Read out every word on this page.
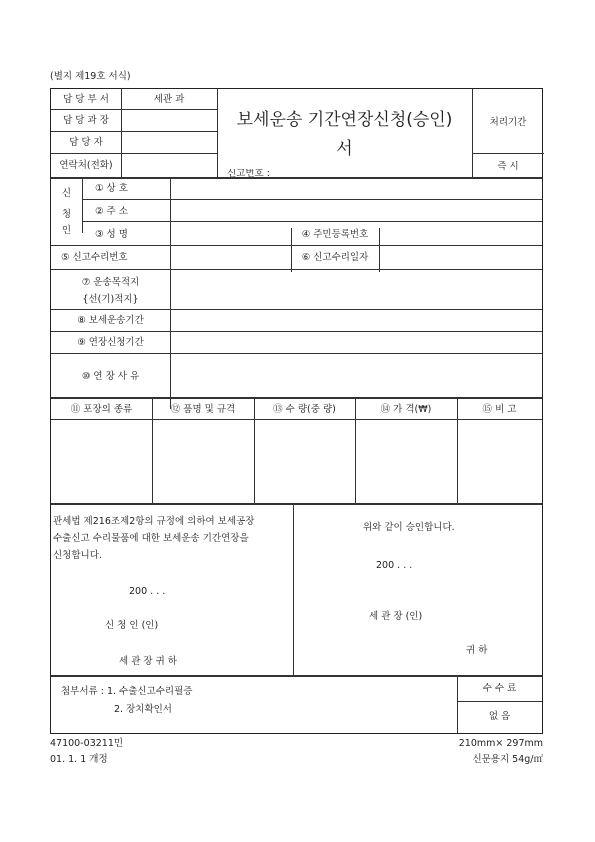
(별지 제19호 서식)
담 당 부 서	세관 과
담 당 과 장
담 당 자
연락처(전화)
보세운송 기간연장신청(승인)
서
신고번호 :
처리기간
즉 시
신
청
인
① 상 호
② 주 소
③ 성 명	④ 주민등록번호
⑤ 신고수리번호	⑥ 신고수리일자
⑦ 운송목적지
{선(기)적지}
⑧ 보세운송기간
⑨ 연장신청기간
⑩ 연 장 사 유
⑪ 포장의 종류	⑫ 품명 및 규격	⑬ 수 량(중 량)	⑭ 가 격(₩)	⑮ 비 고
관세법 제216조제2항의 규정에 의하여 보세공장
수출신고 수리물품에 대한 보세운송 기간연장을
신청합니다.
200 . . .
신 청 인 (인)
세 관 장 귀 하
위와 같이 승인합니다.
200 . . .
세 관 장 (인)
귀 하
첨부서류 : 1. 수출신고수리필증
2. 장치확인서
수 수 료
없 음
47100-03211민
01. 1. 1 개정
210mm× 297mm
신문용지 54g/㎡
